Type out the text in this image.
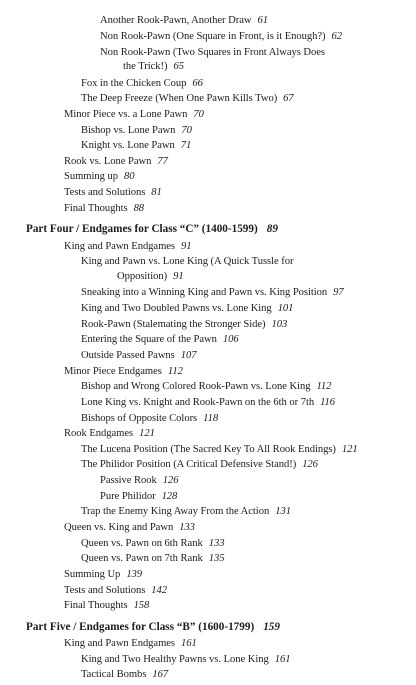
Another Rook-Pawn, Another Draw 61
Non Rook-Pawn (One Square in Front, is it Enough?) 62
Non Rook-Pawn (Two Squares in Front Always Does
the Trick!) 65
Fox in the Chicken Coup 66
The Deep Freeze (When One Pawn Kills Two) 67
Minor Piece vs. a Lone Pawn 70
Bishop vs. Lone Pawn 70
Knight vs. Lone Pawn 71
Rook vs. Lone Pawn 77
Summing up 80
Tests and Solutions 81
Final Thoughts 88
Part Four / Endgames for Class “C” (1400-1599) 89
King and Pawn Endgames 91
King and Pawn vs. Lone King (A Quick Tussle for
Opposition) 91
Sneaking into a Winning King and Pawn vs. King Position 97
King and Two Doubled Pawns vs. Lone King 101
Rook-Pawn (Stalemating the Stronger Side) 103
Entering the Square of the Pawn 106
Outside Passed Pawns 107
Minor Piece Endgames 112
Bishop and Wrong Colored Rook-Pawn vs. Lone King 112
Lone King vs. Knight and Rook-Pawn on the 6th or 7th 116
Bishops of Opposite Colors 118
Rook Endgames 121
The Lucena Position (The Sacred Key To All Rook Endings) 121
The Philidor Position (A Critical Defensive Stand!) 126
Passive Rook 126
Pure Philidor 128
Trap the Enemy King Away From the Action 131
Queen vs. King and Pawn 133
Queen vs. Pawn on 6th Rank 133
Queen vs. Pawn on 7th Rank 135
Summing Up 139
Tests and Solutions 142
Final Thoughts 158
Part Five / Endgames for Class “B” (1600-1799) 159
King and Pawn Endgames 161
King and Two Healthy Pawns vs. Lone King 161
Tactical Bombs 167
